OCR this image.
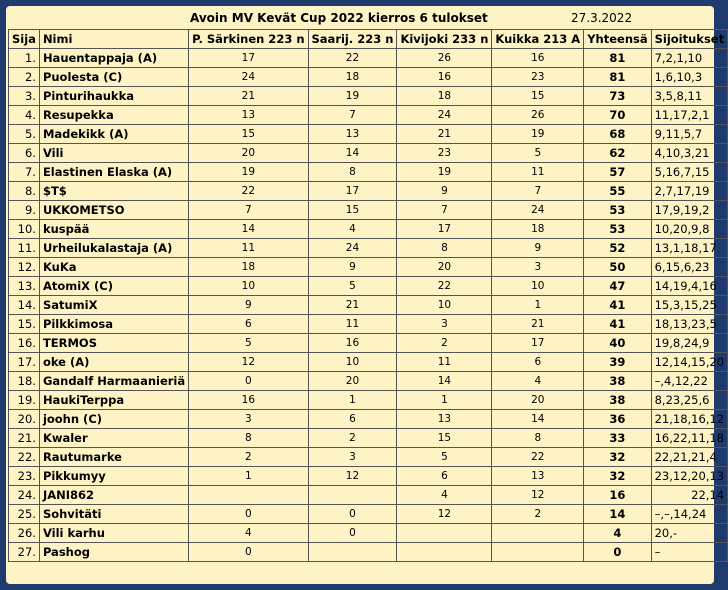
Avoin MV Kevät Cup 2022 kierros 6 tulokset	27.3.2022
Sija	Nimi	P. Särkinen 223 n	Saarij. 223 n	Kivijoki 233 n	Kuikka 213 A	Yhteensä	Sijoitukset
1.	Hauentappaja (A)	17	22	26	16	81	7,2,1,10
2.	Puolesta (C)	24	18	16	23	81	1,6,10,3
3.	Pinturihaukka	21	19	18	15	73	3,5,8,11
4.	Resupekka	13	7	24	26	70	11,17,2,1
5.	Madekikk (A)	15	13	21	19	68	9,11,5,7
6.	Vili	20	14	23	5	62	4,10,3,21
7.	Elastinen Elaska (A)	19	8	19	11	57	5,16,7,15
8.	$T$	22	17	9	7	55	2,7,17,19
9.	UKKOMETSO	7	15	7	24	53	17,9,19,2
10.	kuspää	14	4	17	18	53	10,20,9,8
11.	Urheilukalastaja (A)	11	24	8	9	52	13,1,18,17
12.	KuKa	18	9	20	3	50	6,15,6,23
13.	AtomiX (C)	10	5	22	10	47	14,19,4,16
14.	SatumiX	9	21	10	1	41	15,3,15,25
15.	Pilkkimosa	6	11	3	21	41	18,13,23,5
16.	TERMOS	5	16	2	17	40	19,8,24,9
17.	oke (A)	12	10	11	6	39	12,14,15,20
18.	Gandalf Harmaanieriä	0	20	14	4	38	–,4,12,22
19.	HaukiTerppa	16	1	1	20	38	8,23,25,6
20.	joohn (C)	3	6	13	14	36	21,18,16,12
21.	Kwaler	8	2	15	8	33	16,22,11,18
22.	Rautumarke	2	3	5	22	32	22,21,21,4
23.	Pikkumyy	1	12	6	13	32	23,12,20,13
24.	JANI862			4	12	16	22,14
25.	Sohvitäti	0	0	12	2	14	–,–,14,24
26.	Vili karhu	4	0			4	20,-
27.	Pashog	0				0	–
